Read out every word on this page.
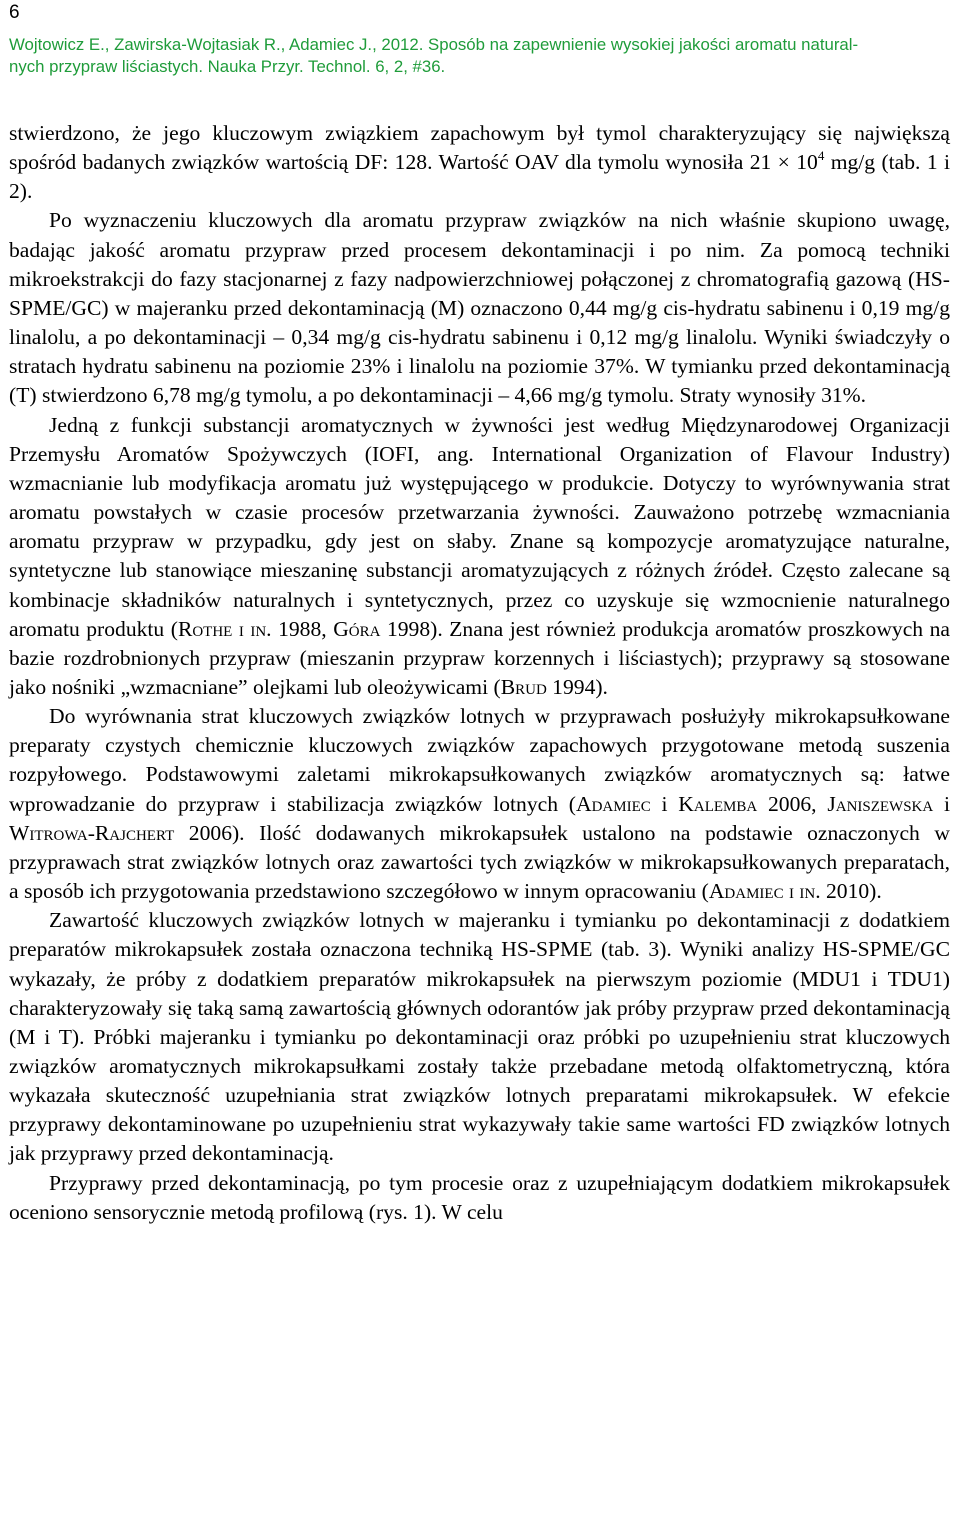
6

Wojtowicz E., Zawirska-Wojtasiak R., Adamiec J., 2012. Sposób na zapewnienie wysokiej jakości aromatu natural-
nych przypraw liściastych. Nauka Przyr. Technol. 6, 2, #36.

stwierdzono, że jego kluczowym związkiem zapachowym był tymol charakteryzujący się największą spośród badanych związków wartością DF: 128. Wartość OAV dla tymolu wynosiła $21 \times 10^4$ mg/g (tab. 1 i 2).

Po wyznaczeniu kluczowych dla aromatu przypraw związków na nich właśnie skupiono uwagę, badając jakość aromatu przypraw przed procesem dekontaminacji i po nim. Za pomocą techniki mikroekstrakcji do fazy stacjonarnej z fazy nadpowierzchniowej połączonej z chromatografią gazową (HS-SPME/GC) w majeranku przed dekontaminacją (M) oznaczono 0,44 mg/g cis-hydratu sabinenu i 0,19 mg/g linalolu, a po dekontaminacji – 0,34 mg/g cis-hydratu sabinenu i 0,12 mg/g linalolu. Wyniki świadczyły o stratach hydratu sabinenu na poziomie 23% i linalolu na poziomie 37%. W tymianku przed dekontaminacją (T) stwierdzono 6,78 mg/g tymolu, a po dekontaminacji – 4,66 mg/g tymolu. Straty wynosiły 31%.

Jedną z funkcji substancji aromatycznych w żywności jest według Międzynarodowej Organizacji Przemysłu Aromatów Spożywczych (IOFI, ang. International Organization of Flavour Industry) wzmacnianie lub modyfikacja aromatu już występującego w produkcie. Dotyczy to wyrównywania strat aromatu powstałych w czasie procesów przetwarzania żywności. Zauważono potrzebę wzmacniania aromatu przypraw w przypadku, gdy jest on słaby. Znane są kompozycje aromatyzujące naturalne, syntetyczne lub stanowiące mieszaninę substancji aromatyzujących z różnych źródeł. Często zalecane są kombinacje składników naturalnych i syntetycznych, przez co uzyskuje się wzmocnienie naturalnego aromatu produktu (Rothe i in. 1988, Góra 1998). Znana jest również produkcja aromatów proszkowych na bazie rozdrobnionych przypraw (mieszanin przypraw korzennych i liściastych); przyprawy są stosowane jako nośniki „wzmacniane” olejkami lub oleożywicami (Brud 1994).

Do wyrównania strat kluczowych związków lotnych w przyprawach posłużyły mikrokapsułkowane preparaty czystych chemicznie kluczowych związków zapachowych przygotowane metodą suszenia rozpyłowego. Podstawowymi zaletami mikrokapsułkowanych związków aromatycznych są: łatwe wprowadzanie do przypraw i stabilizacja związków lotnych (Adamiec i Kalemba 2006, Janiszewska i Witrowa-Rajchert 2006). Ilość dodawanych mikrokapsułek ustalono na podstawie oznaczonych w przyprawach strat związków lotnych oraz zawartości tych związków w mikrokapsułkowanych preparatach, a sposób ich przygotowania przedstawiono szczegółowo w innym opracowaniu (Adamiec i in. 2010).

Zawartość kluczowych związków lotnych w majeranku i tymianku po dekontaminacji z dodatkiem preparatów mikrokapsułek została oznaczona techniką HS-SPME (tab. 3). Wyniki analizy HS-SPME/GC wykazały, że próby z dodatkiem preparatów mikrokapsułek na pierwszym poziomie (MDU1 i TDU1) charakteryzowały się taką samą zawartością głównych odorantów jak próby przypraw przed dekontaminacją (M i T). Próbki majeranku i tymianku po dekontaminacji oraz próbki po uzupełnieniu strat kluczowych związków aromatycznych mikrokapsułkami zostały także przebadane metodą olfaktometryczną, która wykazała skuteczność uzupełniania strat związków lotnych preparatami mikrokapsułek. W efekcie przyprawy dekontaminowane po uzupełnieniu strat wykazywały takie same wartości FD związków lotnych jak przyprawy przed dekontaminacją.

Przyprawy przed dekontaminacją, po tym procesie oraz z uzupełniającym dodatkiem mikrokapsułek oceniono sensorycznie metodą profilową (rys. 1). W celu
